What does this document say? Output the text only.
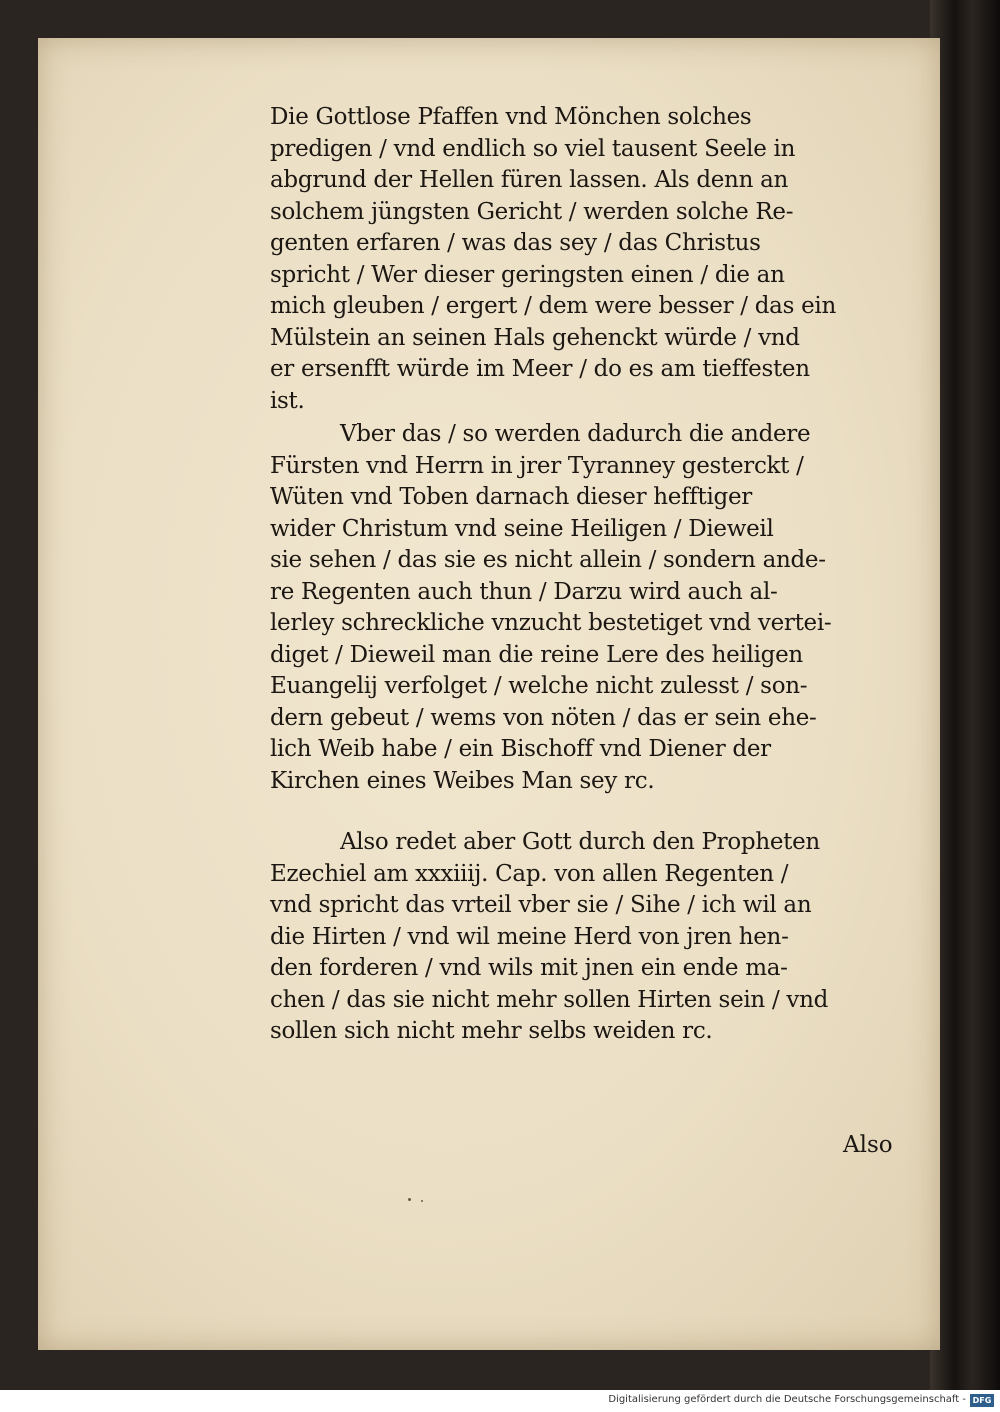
Die Gottlose Pfaffen vnd Mönchen solches
predigen / vnd endlich so viel tausent Seele in
abgrund der Hellen füren lassen. Als denn an
solchem jüngsten Gericht / werden solche Re-
genten erfaren / was das sey / das Christus
spricht / Wer dieser geringsten einen / die an
mich gleuben / ergert / dem were besser / das ein
Mülstein an seinen Hals gehenckt würde / vnd
er ersenfft würde im Meer / do es am tieffesten
ist.
Vber das / so werden dadurch die andere
Fürsten vnd Herrn in jrer Tyranney gesterckt /
Wüten vnd Toben darnach dieser hefftiger
wider Christum vnd seine Heiligen / Dieweil
sie sehen / das sie es nicht allein / sondern ande-
re Regenten auch thun / Darzu wird auch al-
lerley schreckliche vnzucht bestetiget vnd vertei-
diget / Dieweil man die reine Lere des heiligen
Euangelij verfolget / welche nicht zulesst / son-
dern gebeut / wems von nöten / das er sein ehe-
lich Weib habe / ein Bischoff vnd Diener der
Kirchen eines Weibes Man sey rc.
Also redet aber Gott durch den Propheten
Ezechiel am xxxiiij. Cap. von allen Regenten /
vnd spricht das vrteil vber sie / Sihe / ich wil an
die Hirten / vnd wil meine Herd von jren hen-
den forderen / vnd wils mit jnen ein ende ma-
chen / das sie nicht mehr sollen Hirten sein / vnd
sollen sich nicht mehr selbs weiden rc.
Also
Digitalisierung gefördert durch die Deutsche Forschungsgemeinschaft - DFG
